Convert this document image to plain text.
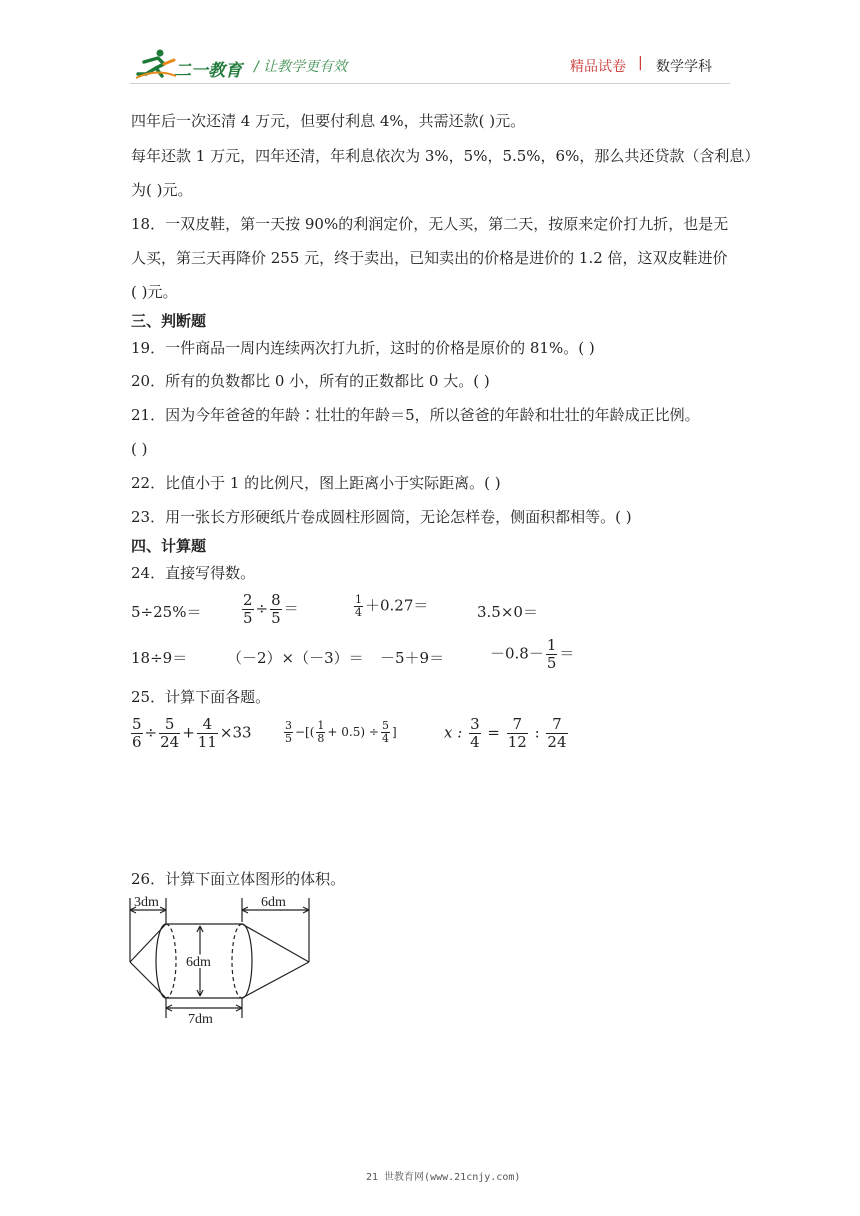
二一教育 / 让教学更有效	精品试卷 | 数学学科
四年后一次还清 4 万元，但要付利息 4%，共需还款( )元。
每年还款 1 万元，四年还清，年利息依次为 3%，5%，5.5%，6%，那么共还贷款（含利息）
为( )元。
18．一双皮鞋，第一天按 90%的利润定价，无人买，第二天，按原来定价打九折，也是无
人买，第三天再降价 255 元，终于卖出，已知卖出的价格是进价的 1.2 倍，这双皮鞋进价
( )元。
三、判断题
19．一件商品一周内连续两次打九折，这时的价格是原价的 81%。( )
20．所有的负数都比 0 小，所有的正数都比 0 大。( )
21．因为今年爸爸的年龄∶壮壮的年龄＝5，所以爸爸的年龄和壮壮的年龄成正比例。
( )
22．比值小于 1 的比例尺，图上距离小于实际距离。( )
23．用一张长方形硬纸片卷成圆柱形圆筒，无论怎样卷，侧面积都相等。( )
四、计算题
24．直接写得数。
5÷25%＝	$\frac{2}{5} \div \frac{8}{5}$ ＝	$\frac{1}{4} +0.27=$	3.5×0＝
18÷9＝	（－2）×（－3）＝ －5＋9＝	$-0.8- \frac{1}{5}$ ＝
25．计算下面各题。
$\frac{5}{6} \div \frac{5}{24} + \frac{4}{11} \times 33$	$\frac{3}{5}$ −[( $\frac{1}{8} + 0.5) \div \frac{5}{4}$ ]	x : $\frac{3}{4} = \frac{7}{12}$ : $\frac{7}{24}$
26．计算下面立体图形的体积。
3dm	6dm
6dm
7dm
21 世教育网(www.21cnjy.com)
